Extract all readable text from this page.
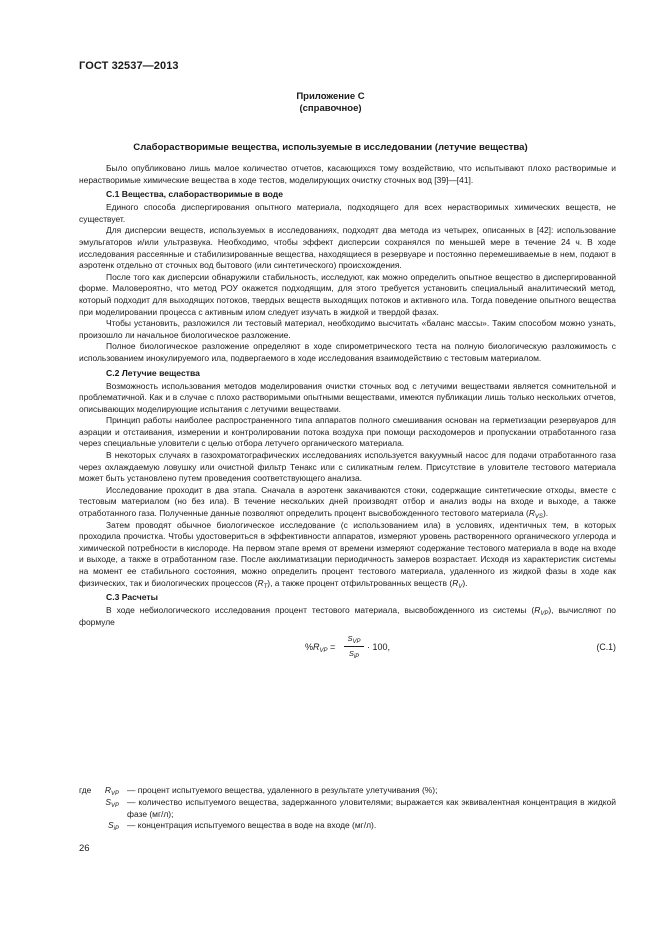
ГОСТ 32537—2013
Приложение С
(справочное)
Слаборастворимые вещества, используемые в исследовании (летучие вещества)

Было опубликовано лишь малое количество отчетов, касающихся тому воздействию, что испытывают плохо растворимые и нерастворимые химические вещества в ходе тестов, моделирующих очистку сточных вод [39]—[41].

С.1 Вещества, слаборастворимые в воде

Единого способа диспергирования опытного материала, подходящего для всех нерастворимых химических веществ, не существует.

Для дисперсии веществ, используемых в исследованиях, подходят два метода из четырех, описанных в [42]: использование эмульгаторов и/или ультразвука. Необходимо, чтобы эффект дисперсии сохранялся по меньшей мере в течение 24 ч. В ходе исследования рассеянные и стабилизированные вещества, находящиеся в резервуаре и постоянно перемешиваемые в нем, подают в аэротенк отдельно от сточных вод бытового (или синтетического) происхождения.

После того как дисперсии обнаружили стабильность, исследуют, как можно определить опытное вещество в диспергированной форме. Маловероятно, что метод РОУ окажется подходящим, для этого требуется установить специальный аналитический метод, который подходит для выходящих потоков, твердых веществ выходящих потоков и активного ила. Тогда поведение опытного вещества при моделировании процесса с активным илом следует изучать в жидкой и твердой фазах.

Чтобы установить, разложился ли тестовый материал, необходимо высчитать «баланс массы». Таким способом можно узнать, произошло ли начальное биологическое разложение.

Полное биологическое разложение определяют в ходе спирометрического теста на полную биологическую разложимость с использованием инокулируемого ила, подвергаемого в ходе исследования взаимодействию с тестовым материалом.

С.2 Летучие вещества

Возможность использования методов моделирования очистки сточных вод с летучими веществами является сомнительной и проблематичной. Как и в случае с плохо растворимыми опытными веществами, имеются публикации лишь только нескольких отчетов, описывающих моделирующие испытания с летучими веществами.

Принцип работы наиболее распространенного типа аппаратов полного смешивания основан на герметизации резервуаров для аэрации и отстаивания, измерении и контролировании потока воздуха при помощи расходомеров и пропускании отработанного газа через специальные уловители с целью отбора летучего органического материала.

В некоторых случаях в газохроматографических исследованиях используется вакуумный насос для подачи отработанного газа через охлаждаемую ловушку или очистной фильтр Тенакс или с силикатным гелем. Присутствие в уловителе тестового материала может быть установлено путем проведения соответствующего анализа.

Исследование проходит в два этапа. Сначала в аэротенк закачиваются стоки, содержащие синтетические отходы, вместе с тестовым материалом (но без ила). В течение нескольких дней производят отбор и анализ воды на входе и выходе, а также отработанного газа. Полученные данные позволяют определить процент высвобожденного тестового материала $(R_{VS})$.

Затем проводят обычное биологическое исследование (с использованием ила) в условиях, идентичных тем, в которых проходила прочистка. Чтобы удостовериться в эффективности аппаратов, измеряют уровень растворенного органического углерода и химической потребности в кислороде. На первом этапе время от времени измеряют содержание тестового материала в воде на входе и выходе, а также в отработанном газе. После акклиматизации периодичность замеров возрастает. Исходя из характеристик системы на момент ее стабильного состояния, можно определить процент тестового материала, удаленного из жидкой фазы в ходе как физических, так и биологических процессов $(R_T)$, а также процент отфильтрованных веществ $(R_V)$.

С.3 Расчеты

В ходе небиологического исследования процент тестового материала, высвобожденного из системы $(R_{VP})$, вычисляют по формуле

$\%R_{VP}$ =
$S_{VP}$
$S_{iP}$
· 100,	(С.1)
где	$R_{VP}$ — процент испытуемого вещества, удаленного в результате улетучивания (%);
$S_{VP}$ — количество испытуемого вещества, задержанного уловителями; выражается как эквивалентная концентрация в жидкой фазе (мг/л);
$S_{iP}$ — концентрация испытуемого вещества в воде на входе (мг/л).
26
